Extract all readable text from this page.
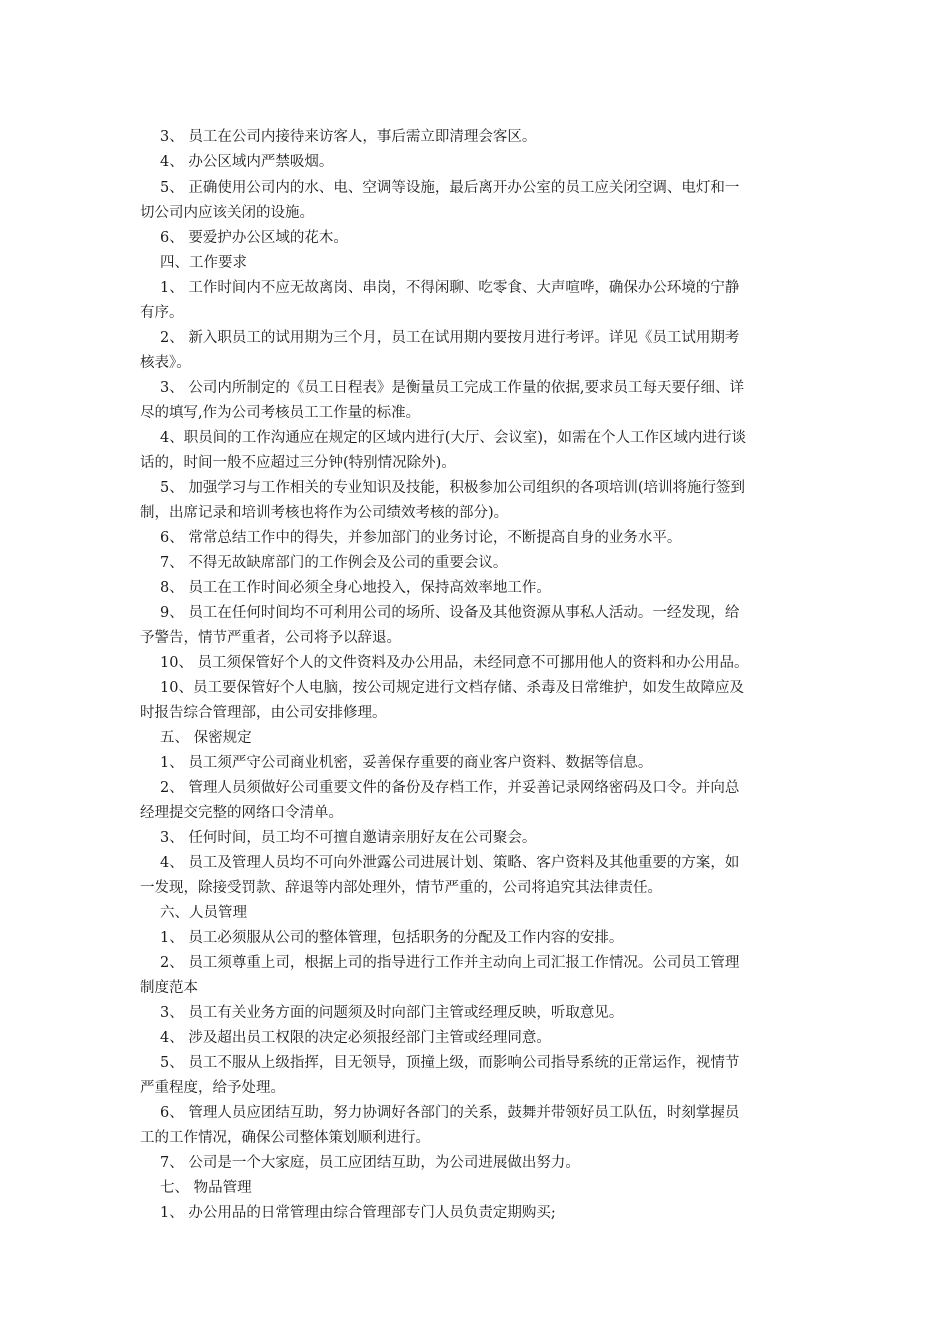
3、 员工在公司内接待来访客人，事后需立即清理会客区。
4、 办公区域内严禁吸烟。
5、 正确使用公司内的水、电、空调等设施，最后离开办公室的员工应关闭空调、电灯和一
切公司内应该关闭的设施。
6、 要爱护办公区域的花木。
四、工作要求
1、 工作时间内不应无故离岗、串岗，不得闲聊、吃零食、大声喧哗，确保办公环境的宁静
有序。
2、 新入职员工的试用期为三个月，员工在试用期内要按月进行考评。详见《员工试用期考
核表》。
3、 公司内所制定的《员工日程表》是衡量员工完成工作量的依据,要求员工每天要仔细、详
尽的填写,作为公司考核员工工作量的标准。
4、职员间的工作沟通应在规定的区域内进行(大厅、会议室)，如需在个人工作区域内进行谈
话的，时间一般不应超过三分钟(特别情况除外)。
5、 加强学习与工作相关的专业知识及技能，积极参加公司组织的各项培训(培训将施行签到
制，出席记录和培训考核也将作为公司绩效考核的部分)。
6、 常常总结工作中的得失，并参加部门的业务讨论，不断提高自身的业务水平。
7、 不得无故缺席部门的工作例会及公司的重要会议。
8、 员工在工作时间必须全身心地投入，保持高效率地工作。
9、 员工在任何时间均不可利用公司的场所、设备及其他资源从事私人活动。一经发现，给
予警告，情节严重者，公司将予以辞退。
10、 员工须保管好个人的文件资料及办公用品，未经同意不可挪用他人的资料和办公用品。
10、员工要保管好个人电脑，按公司规定进行文档存储、杀毒及日常维护，如发生故障应及
时报告综合管理部，由公司安排修理。
五、 保密规定
1、 员工须严守公司商业机密，妥善保存重要的商业客户资料、数据等信息。
2、 管理人员须做好公司重要文件的备份及存档工作，并妥善记录网络密码及口令。并向总
经理提交完整的网络口令清单。
3、 任何时间，员工均不可擅自邀请亲朋好友在公司聚会。
4、 员工及管理人员均不可向外泄露公司进展计划、策略、客户资料及其他重要的方案，如
一发现，除接受罚款、辞退等内部处理外，情节严重的，公司将追究其法律责任。
六、人员管理
1、 员工必须服从公司的整体管理，包括职务的分配及工作内容的安排。
2、 员工须尊重上司，根据上司的指导进行工作并主动向上司汇报工作情况。公司员工管理
制度范本
3、 员工有关业务方面的问题须及时向部门主管或经理反映，听取意见。
4、 涉及超出员工权限的决定必须报经部门主管或经理同意。
5、 员工不服从上级指挥，目无领导，顶撞上级，而影响公司指导系统的正常运作，视情节
严重程度，给予处理。
6、 管理人员应团结互助，努力协调好各部门的关系，鼓舞并带领好员工队伍，时刻掌握员
工的工作情况，确保公司整体策划顺利进行。
7、 公司是一个大家庭，员工应团结互助，为公司进展做出努力。
七、 物品管理
1、 办公用品的日常管理由综合管理部专门人员负责定期购买;
